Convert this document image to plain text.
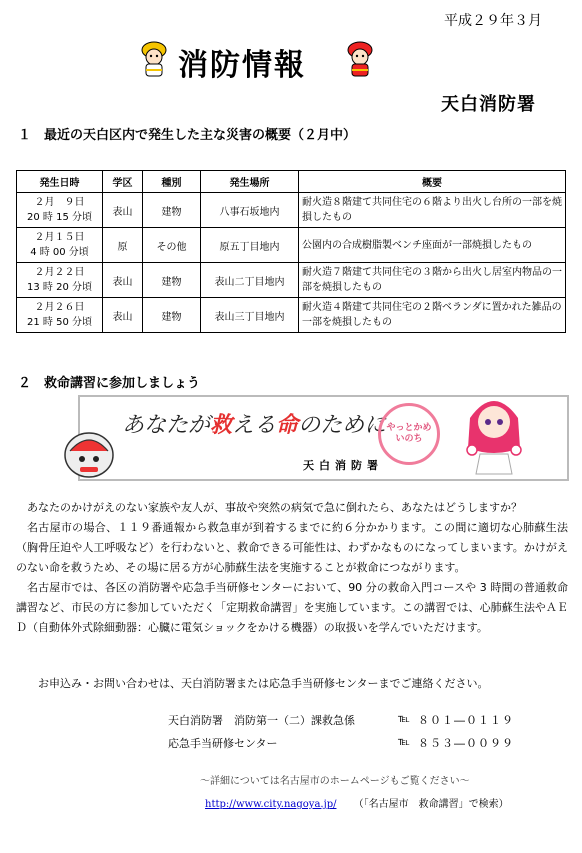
平成２９年３月
消防情報
天白消防署
１　最近の天白区内で発生した主な災害の概要（２月中）
発生日時	学区	種別	発生場所	概要

２月　９日
20 時 15 分頃	表山	建物	八事石坂地内	耐火造８階建て共同住宅の６階より出火し台所の一部を焼損したもの

２月１５日
4 時 00 分頃	原	その他	原五丁目地内	公園内の合成樹脂製ベンチ座面が一部焼損したもの

２月２２日
13 時 20 分頃	表山	建物	表山二丁目地内	耐火造７階建て共同住宅の３階から出火し居室内物品の一部を焼損したもの

２月２６日
21 時 50 分頃	表山	建物	表山三丁目地内	耐火造４階建て共同住宅の２階ベランダに置かれた雑品の一部を焼損したもの
２　救命講習に参加しましょう
あなたが救える命のために
天白消防署
やっとかめ いのち

あなたのかけがえのない家族や友人が、事故や突然の病気で急に倒れたら、あなたはどうしますか？

名古屋市の場合、１１９番通報から救急車が到着するまでに約６分かかります。この間に適切な心肺蘇生法（胸骨圧迫や人工呼吸など）を行わないと、救命できる可能性は、わずかなものになってしまいます。かけがえのない命を救うため、その場に居る方が心肺蘇生法を実施することが救命につながります。

名古屋市では、各区の消防署や応急手当研修センターにおいて、90 分の救命入門コースや 3 時間の普通救命講習など、市民の方に参加していただく「定期救命講習」を実施しています。この講習では、心肺蘇生法やＡＥＤ（自動体外式除細動器：心臓に電気ショックをかける機器）の取扱いを学んでいただけます。

お申込み・お問い合わせは、天白消防署または応急手当研修センターまでご連絡ください。
天白消防署　消防第一（二）課救急係	℡ ８０１―０１１９
応急手当研修センター	℡ ８５３―００９９
～詳細については名古屋市のホームページもご覧ください～
http://www.city.nagoya.jp/ （「名古屋市　救命講習」で検索）
